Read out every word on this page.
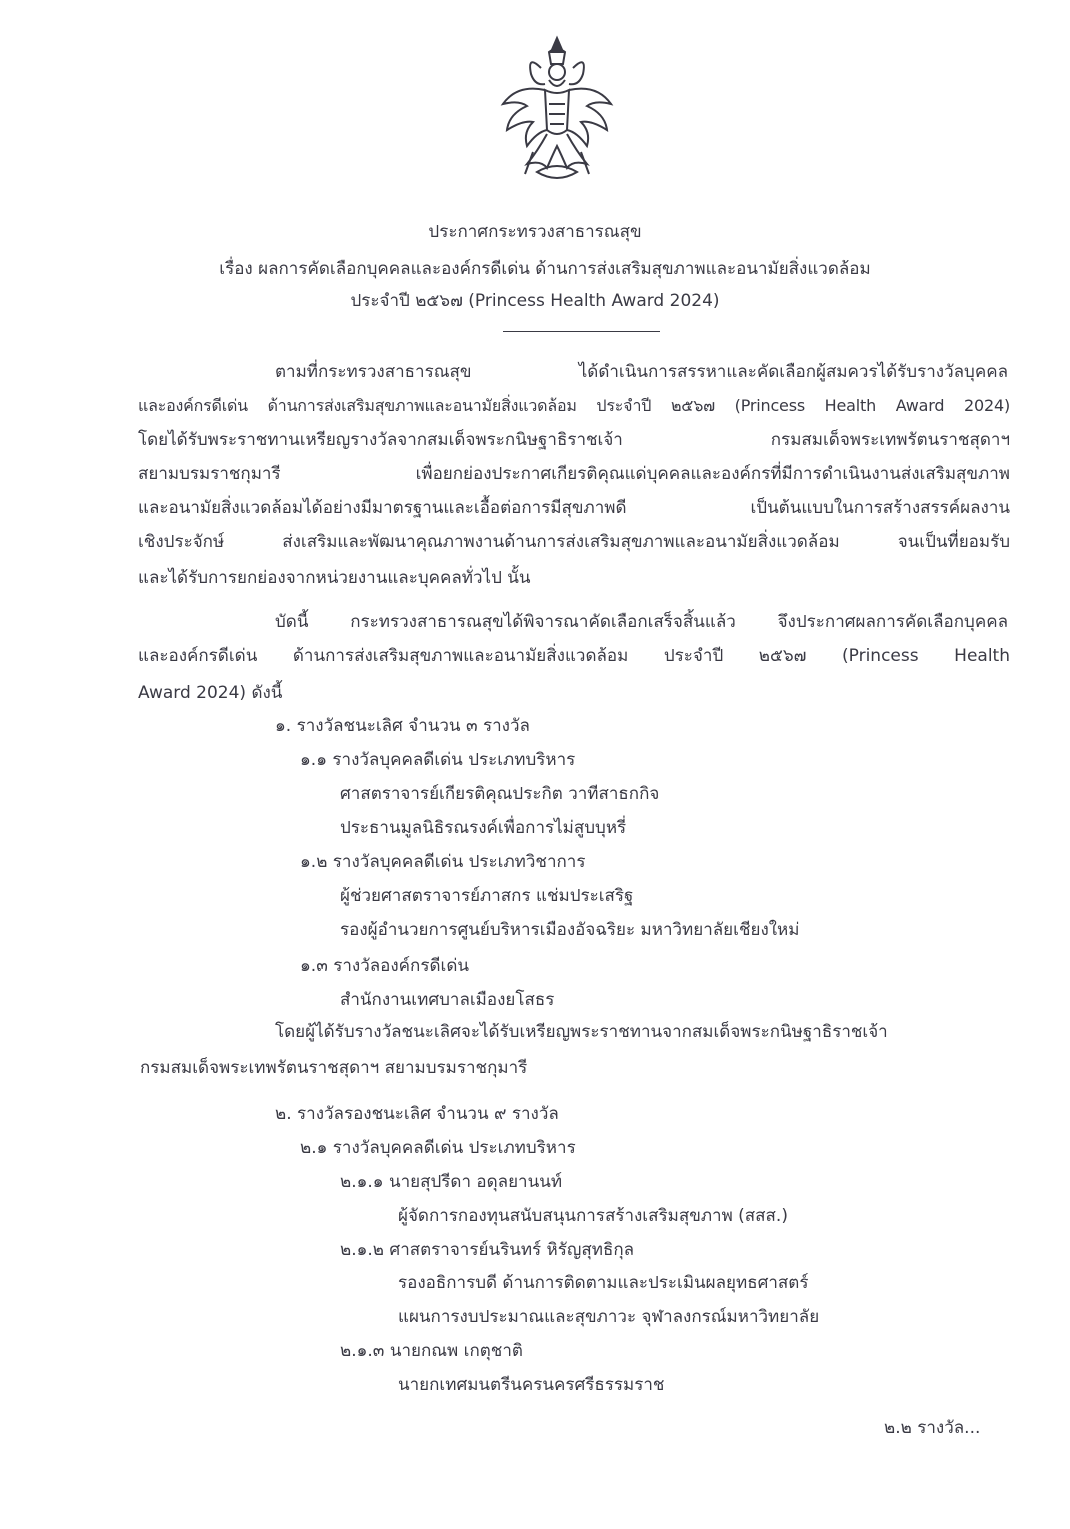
ประกาศกระทรวงสาธารณสุข
เรื่อง ผลการคัดเลือกบุคคลและองค์กรดีเด่น ด้านการส่งเสริมสุขภาพและอนามัยสิ่งแวดล้อม
ประจำปี ๒๕๖๗ (Princess Health Award 2024)
ตามที่กระทรวงสาธารณสุข ได้ดำเนินการสรรหาและคัดเลือกผู้สมควรได้รับรางวัลบุคคล
และองค์กรดีเด่น ด้านการส่งเสริมสุขภาพและอนามัยสิ่งแวดล้อม ประจำปี ๒๕๖๗ (Princess Health Award 2024)
โดยได้รับพระราชทานเหรียญรางวัลจากสมเด็จพระกนิษฐาธิราชเจ้า กรมสมเด็จพระเทพรัตนราชสุดาฯ
สยามบรมราชกุมารี เพื่อยกย่องประกาศเกียรติคุณแด่บุคคลและองค์กรที่มีการดำเนินงานส่งเสริมสุขภาพ
และอนามัยสิ่งแวดล้อมได้อย่างมีมาตรฐานและเอื้อต่อการมีสุขภาพดี เป็นต้นแบบในการสร้างสรรค์ผลงาน
เชิงประจักษ์ ส่งเสริมและพัฒนาคุณภาพงานด้านการส่งเสริมสุขภาพและอนามัยสิ่งแวดล้อม จนเป็นที่ยอมรับ
และได้รับการยกย่องจากหน่วยงานและบุคคลทั่วไป นั้น
บัดนี้ กระทรวงสาธารณสุขได้พิจารณาคัดเลือกเสร็จสิ้นแล้ว จึงประกาศผลการคัดเลือกบุคคล
และองค์กรดีเด่น ด้านการส่งเสริมสุขภาพและอนามัยสิ่งแวดล้อม ประจำปี ๒๕๖๗ (Princess Health
Award 2024) ดังนี้
๑. รางวัลชนะเลิศ จำนวน ๓ รางวัล
๑.๑ รางวัลบุคคลดีเด่น ประเภทบริหาร
ศาสตราจารย์เกียรติคุณประกิต วาทีสาธกกิจ
ประธานมูลนิธิรณรงค์เพื่อการไม่สูบบุหรี่
๑.๒ รางวัลบุคคลดีเด่น ประเภทวิชาการ
ผู้ช่วยศาสตราจารย์ภาสกร แช่มประเสริฐ
รองผู้อำนวยการศูนย์บริหารเมืองอัจฉริยะ มหาวิทยาลัยเชียงใหม่
๑.๓ รางวัลองค์กรดีเด่น
สำนักงานเทศบาลเมืองยโสธร
โดยผู้ได้รับรางวัลชนะเลิศจะได้รับเหรียญพระราชทานจากสมเด็จพระกนิษฐาธิราชเจ้า
กรมสมเด็จพระเทพรัตนราชสุดาฯ สยามบรมราชกุมารี
๒. รางวัลรองชนะเลิศ จำนวน ๙ รางวัล
๒.๑ รางวัลบุคคลดีเด่น ประเภทบริหาร
๒.๑.๑ นายสุปรีดา อดุลยานนท์
ผู้จัดการกองทุนสนับสนุนการสร้างเสริมสุขภาพ (สสส.)
๒.๑.๒ ศาสตราจารย์นรินทร์ หิรัญสุทธิกุล
รองอธิการบดี ด้านการติดตามและประเมินผลยุทธศาสตร์
แผนการงบประมาณและสุขภาวะ จุฬาลงกรณ์มหาวิทยาลัย
๒.๑.๓ นายกณพ เกตุชาติ
นายกเทศมนตรีนครนครศรีธรรมราช
๒.๒ รางวัล...
